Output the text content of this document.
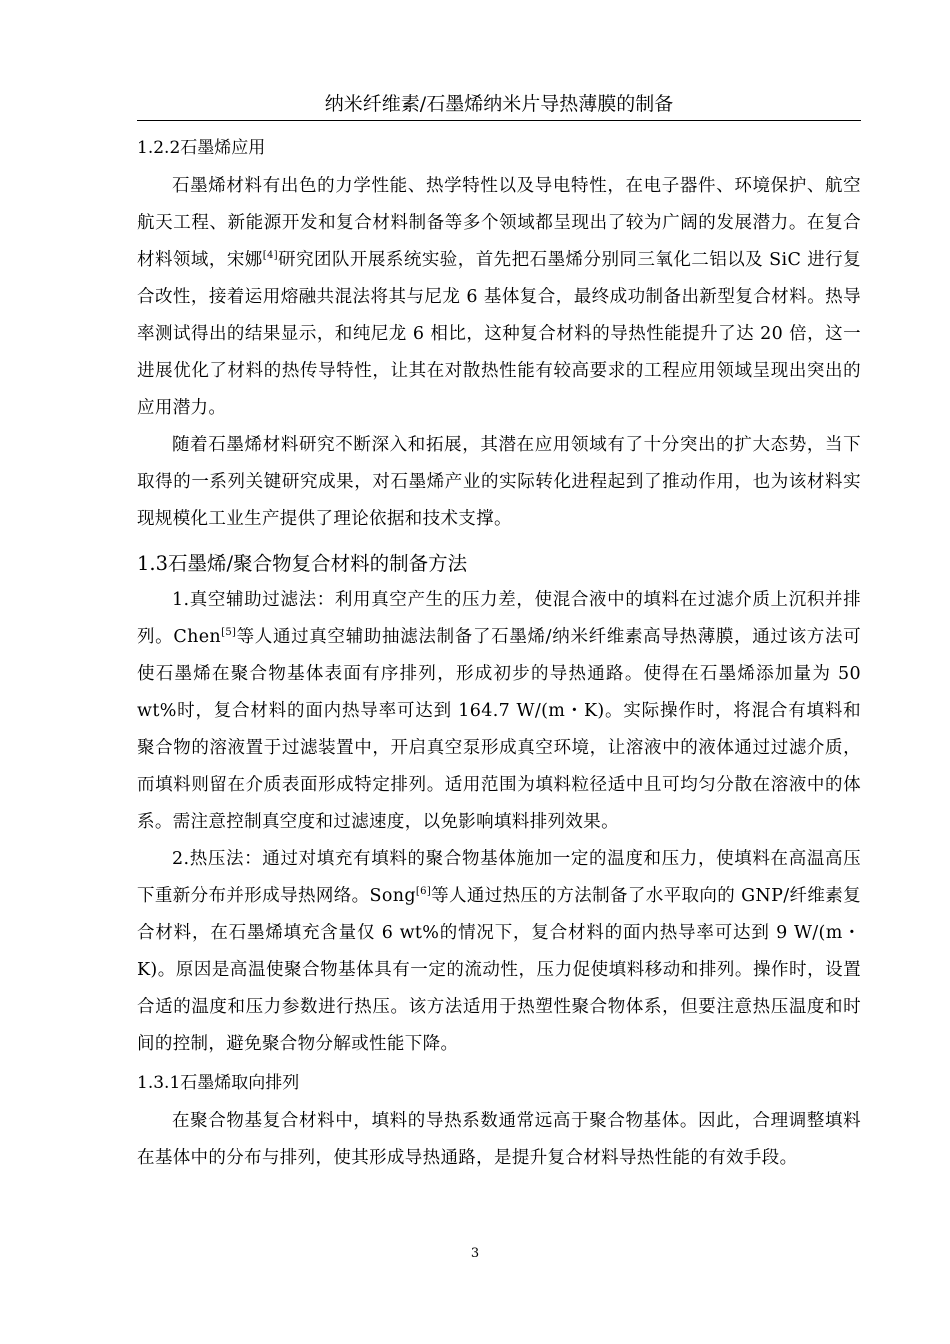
纳米纤维素/石墨烯纳米片导热薄膜的制备
1.2.2石墨烯应用

石墨烯材料有出色的力学性能、热学特性以及导电特性，在电子器件、环境保护、航空航天工程、新能源开发和复合材料制备等多个领域都呈现出了较为广阔的发展潜力。在复合材料领域，宋娜[4]研究团队开展系统实验，首先把石墨烯分别同三氧化二铝以及 SiC 进行复合改性，接着运用熔融共混法将其与尼龙 6 基体复合，最终成功制备出新型复合材料。热导率测试得出的结果显示，和纯尼龙 6 相比，这种复合材料的导热性能提升了达 20 倍，这一进展优化了材料的热传导特性，让其在对散热性能有较高要求的工程应用领域呈现出突出的应用潜力。

随着石墨烯材料研究不断深入和拓展，其潜在应用领域有了十分突出的扩大态势，当下取得的一系列关键研究成果，对石墨烯产业的实际转化进程起到了推动作用，也为该材料实现规模化工业生产提供了理论依据和技术支撑。

1.3石墨烯/聚合物复合材料的制备方法

1.真空辅助过滤法：利用真空产生的压力差，使混合液中的填料在过滤介质上沉积并排列。Chen[5]等人通过真空辅助抽滤法制备了石墨烯/纳米纤维素高导热薄膜，通过该方法可使石墨烯在聚合物基体表面有序排列，形成初步的导热通路。使得在石墨烯添加量为 50 wt%时，复合材料的面内热导率可达到 164.7 W/(m・K)。实际操作时，将混合有填料和聚合物的溶液置于过滤装置中，开启真空泵形成真空环境，让溶液中的液体通过过滤介质，而填料则留在介质表面形成特定排列。适用范围为填料粒径适中且可均匀分散在溶液中的体系。需注意控制真空度和过滤速度，以免影响填料排列效果。

2.热压法：通过对填充有填料的聚合物基体施加一定的温度和压力，使填料在高温高压下重新分布并形成导热网络。Song[6]等人通过热压的方法制备了水平取向的 GNP/纤维素复合材料，在石墨烯填充含量仅 6 wt%的情况下，复合材料的面内热导率可达到 9 W/(m・K)。原因是高温使聚合物基体具有一定的流动性，压力促使填料移动和排列。操作时，设置合适的温度和压力参数进行热压。该方法适用于热塑性聚合物体系，但要注意热压温度和时间的控制，避免聚合物分解或性能下降。

1.3.1石墨烯取向排列

在聚合物基复合材料中，填料的导热系数通常远高于聚合物基体。因此，合理调整填料在基体中的分布与排列，使其形成导热通路，是提升复合材料导热性能的有效手段。

3
